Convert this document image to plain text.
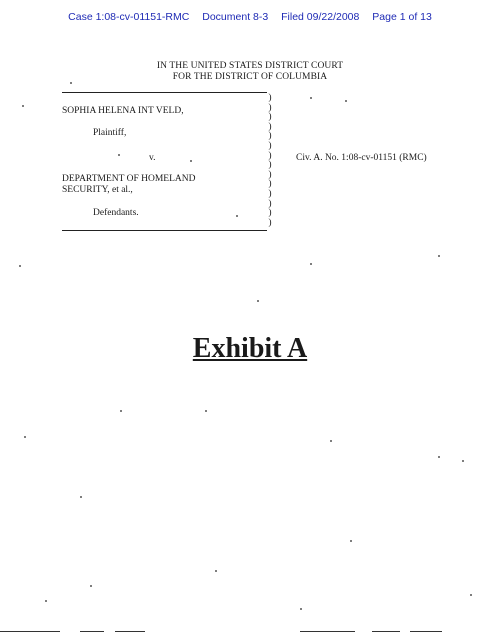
Case 1:08-cv-01151-RMC Document 8-3 Filed 09/22/2008 Page 1 of 13
IN THE UNITED STATES DISTRICT COURT
FOR THE DISTRICT OF COLUMBIA
SOPHIA HELENA INT VELD,
Plaintiff,
v.
DEPARTMENT OF HOMELAND
SECURITY, et al.,
Defendants.
)
)
)
)
)
)
)
)
)
)
)
)
)
)
Civ. A. No. 1:08-cv-01151 (RMC)
Exhibit A
